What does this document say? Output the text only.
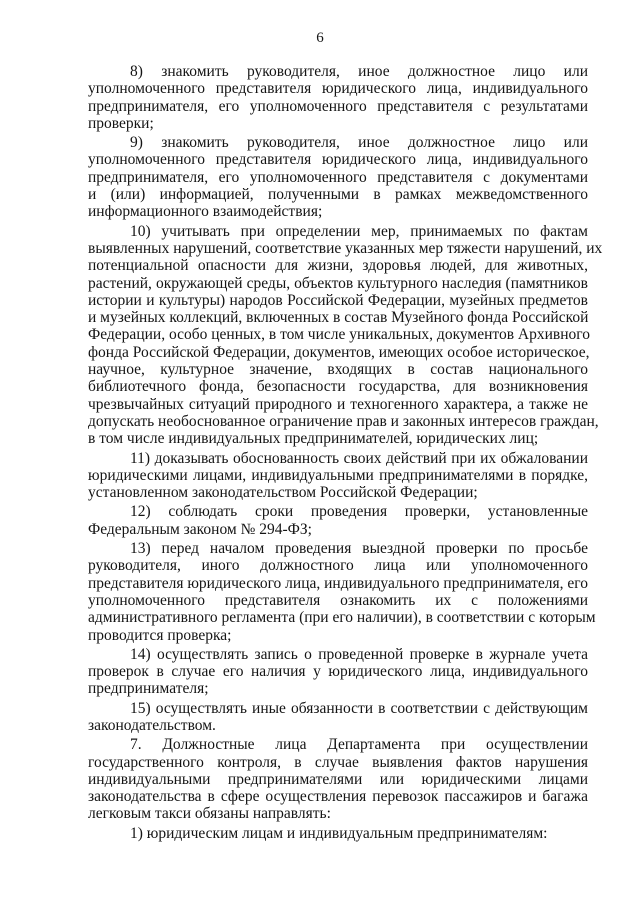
6
8)   знакомить   руководителя,   иное   должностное   лицо   или
уполномоченного представителя юридического лица, индивидуального
предпринимателя, его уполномоченного представителя с результатами
проверки;
9)   знакомить   руководителя,   иное   должностное   лицо   или
уполномоченного представителя юридического лица, индивидуального
предпринимателя, его уполномоченного представителя с документами
и (или) информацией, полученными в рамках межведомственного
информационного взаимодействия;
10) учитывать при определении мер, принимаемых по фактам
выявленных нарушений, соответствие указанных мер тяжести нарушений, их
потенциальной опасности для жизни, здоровья людей, для животных,
растений, окружающей среды, объектов культурного наследия (памятников
истории и культуры) народов Российской Федерации, музейных предметов
и музейных коллекций, включенных в состав Музейного фонда Российской
Федерации, особо ценных, в том числе уникальных, документов Архивного
фонда Российской Федерации, документов, имеющих особое историческое,
научное, культурное значение, входящих в состав национального
библиотечного фонда, безопасности государства, для возникновения
чрезвычайных ситуаций природного и техногенного характера, а также не
допускать необоснованное ограничение прав и законных интересов граждан,
в том числе индивидуальных предпринимателей, юридических лиц;
11) доказывать обоснованность своих действий при их обжаловании
юридическими лицами, индивидуальными предпринимателями в порядке,
установленном законодательством Российской Федерации;
12)    соблюдать    сроки    проведения    проверки,    установленные
Федеральным законом № 294-ФЗ;
13) перед началом проведения выездной проверки по просьбе
руководителя,    иного    должностного    лица    или    уполномоченного
представителя юридического лица, индивидуального предпринимателя, его
уполномоченного    представителя    ознакомить    их    с    положениями
административного регламента (при его наличии), в соответствии с которым
проводится проверка;
14) осуществлять запись о проведенной проверке в журнале учета
проверок в случае его наличия у юридического лица, индивидуального
предпринимателя;
15) осуществлять иные обязанности в соответствии с действующим
законодательством.
7.     Должностные     лица     Департамента     при     осуществлении
государственного контроля, в случае выявления фактов нарушения
индивидуальными    предпринимателями    или    юридическими    лицами
законодательства в сфере осуществления перевозок пассажиров и багажа
легковым такси обязаны направлять:
1) юридическим лицам и индивидуальным предпринимателям:
